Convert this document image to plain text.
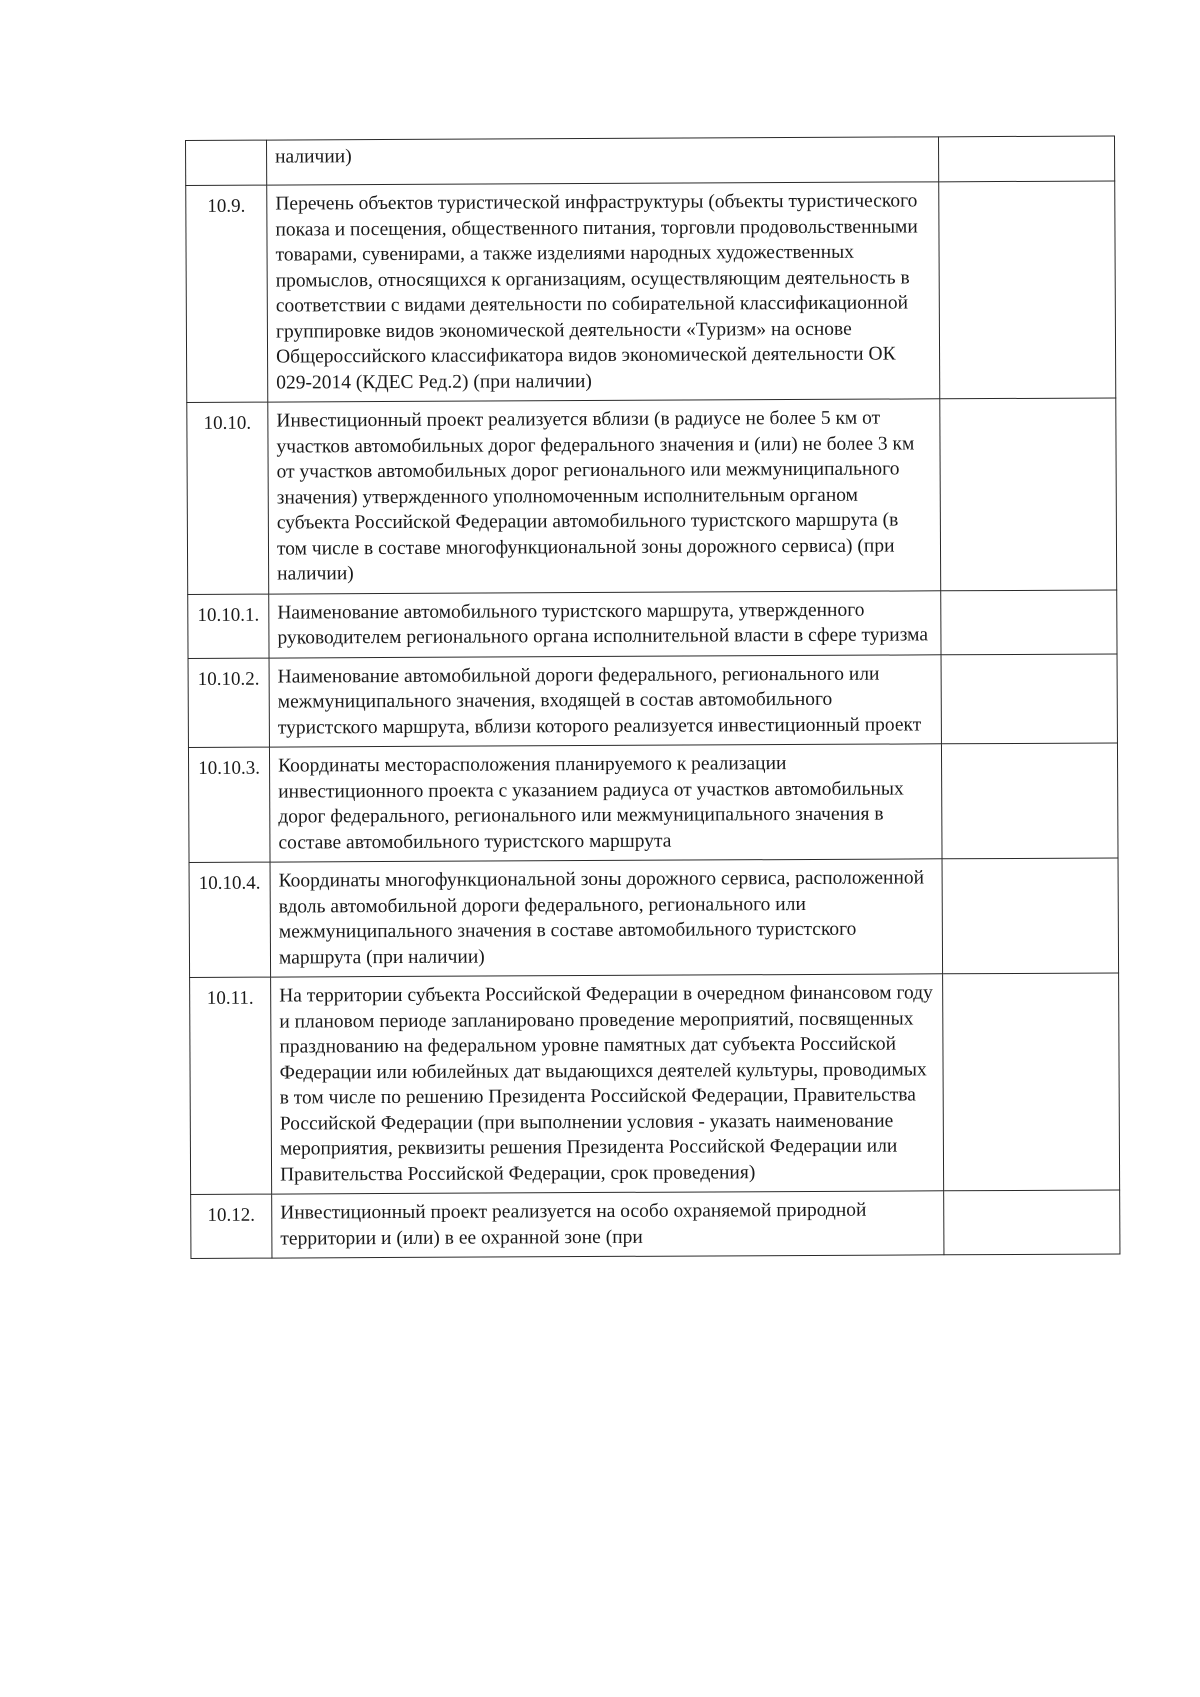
	наличии)	
10.9.	Перечень объектов туристической инфраструктуры (объекты туристического показа и посещения, общественного питания, торговли продовольственными товарами, сувенирами, а также изделиями народных художественных промыслов, относящихся к организациям, осуществляющим деятельность в соответствии с видами деятельности по собирательной классификационной группировке видов экономической деятельности «Туризм» на основе Общероссийского классификатора видов экономической деятельности ОК 029-2014 (КДЕС Ред.2) (при наличии)	
10.10.	Инвестиционный проект реализуется вблизи (в радиусе не более 5 км от участков автомобильных дорог федерального значения и (или) не более 3 км от участков автомобильных дорог регионального или межмуниципального значения) утвержденного уполномоченным исполнительным органом субъекта Российской Федерации автомобильного туристского маршрута (в том числе в составе многофункциональной зоны дорожного сервиса) (при наличии)	
10.10.1.	Наименование автомобильного туристского маршрута, утвержденного руководителем регионального органа исполнительной власти в сфере туризма	
10.10.2.	Наименование автомобильной дороги федерального, регионального или межмуниципального значения, входящей в состав автомобильного туристского маршрута, вблизи которого реализуется инвестиционный проект	
10.10.3.	Координаты месторасположения планируемого к реализации инвестиционного проекта с указанием радиуса от участков автомобильных дорог федерального, регионального или межмуниципального значения в составе автомобильного туристского маршрута	
10.10.4.	Координаты многофункциональной зоны дорожного сервиса, расположенной вдоль автомобильной дороги федерального, регионального или межмуниципального значения в составе автомобильного туристского маршрута (при наличии)	
10.11.	На территории субъекта Российской Федерации в очередном финансовом году и плановом периоде запланировано проведение мероприятий, посвященных празднованию на федеральном уровне памятных дат субъекта Российской Федерации или юбилейных дат выдающихся деятелей культуры, проводимых в том числе по решению Президента Российской Федерации, Правительства Российской Федерации (при выполнении условия - указать наименование мероприятия, реквизиты решения Президента Российской Федерации или Правительства Российской Федерации, срок проведения)	
10.12.	Инвестиционный проект реализуется на особо охраняемой природной территории и (или) в ее охранной зоне (при	
